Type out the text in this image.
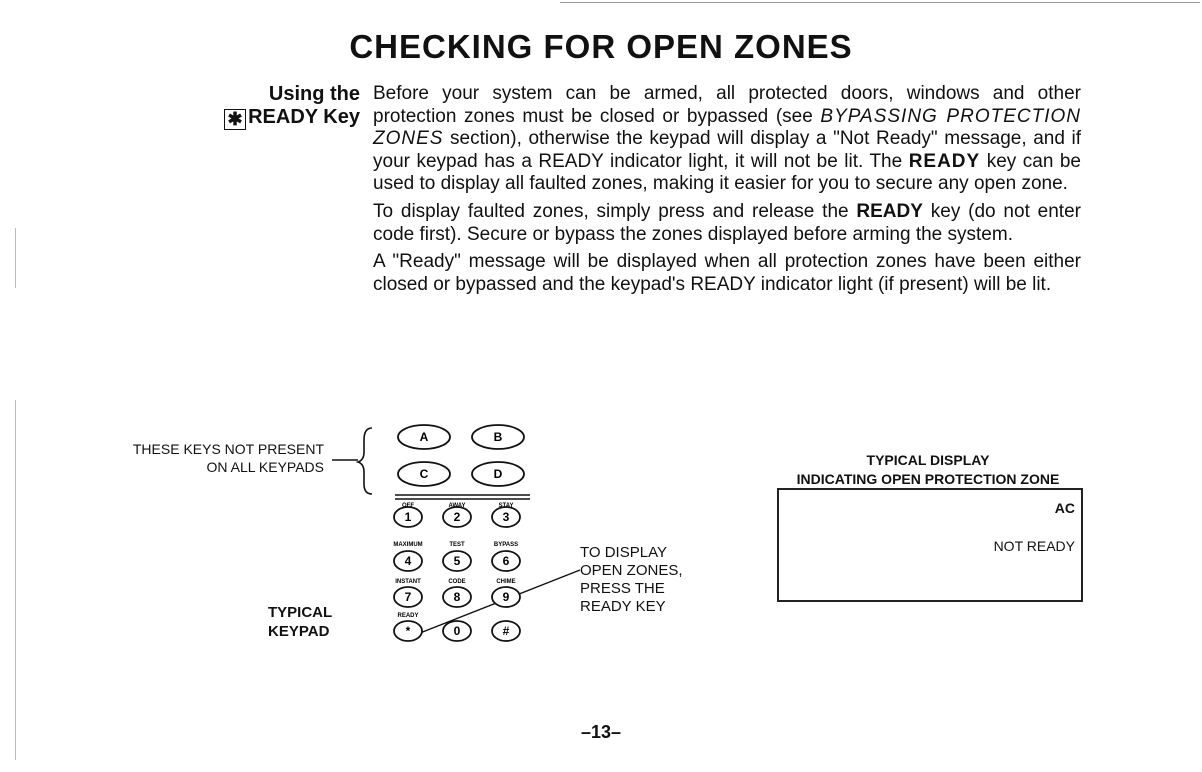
CHECKING FOR OPEN ZONES
Using the
✱ READY Key

Before your system can be armed, all protected doors, windows and other protection zones must be closed or bypassed (see BYPASSING PROTECTION ZONES section), otherwise the keypad will display a "Not Ready" message, and if your keypad has a READY indicator light, it will not be lit. The READY key can be used to display all faulted zones, making it easier for you to secure any open zone.

To display faulted zones, simply press and release the READY key (do not enter code first). Secure or bypass the zones displayed before arming the system.

A "Ready" message will be displayed when all protection zones have been either closed or bypassed and the keypad's READY indicator light (if present) will be lit.

THESE KEYS NOT PRESENT
ON ALL KEYPADS
TYPICAL
KEYPAD
TO DISPLAY
OPEN ZONES,
PRESS THE
READY KEY
TYPICAL DISPLAY
INDICATING OPEN PROTECTION ZONE
AC
NOT READY
A	B
C	D
1	2	3
OFF	AWAY	STAY
4	5	6
MAXIMUM	TEST	BYPASS
7	8	9
INSTANT	CODE	CHIME
*	0	#
READY
–13–
